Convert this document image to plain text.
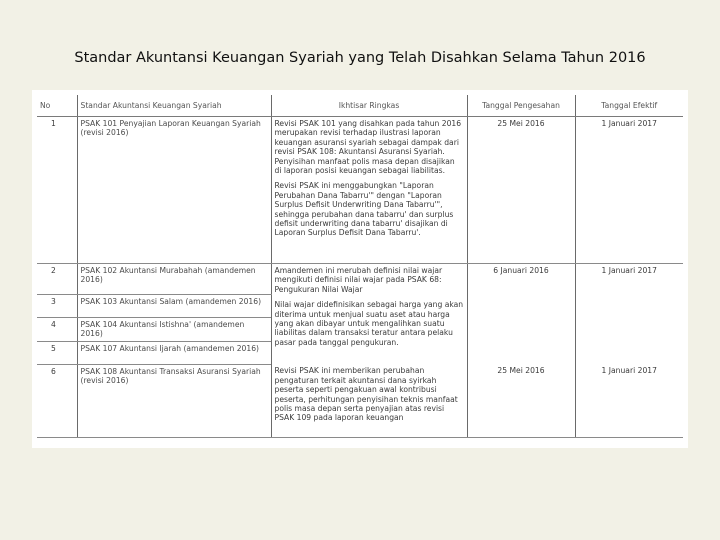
Standar Akuntansi Keuangan Syariah yang Telah Disahkan Selama Tahun 2016
No	Standar Akuntansi Keuangan Syariah	Ikhtisar Ringkas	Tanggal Pengesahan	Tanggal Efektif
1	PSAK 101 Penyajian Laporan Keuangan Syariah (revisi 2016)	Revisi PSAK 101 yang disahkan pada tahun 2016 merupakan revisi terhadap ilustrasi laporan keuangan asuransi syariah sebagai dampak dari revisi PSAK 108: Akuntansi Asuransi Syariah. Penyisihan manfaat polis masa depan disajikan di laporan posisi keuangan sebagai liabilitas.

Revisi PSAK ini menggabungkan "Laporan Perubahan Dana Tabarru'" dengan "Laporan Surplus Defisit Underwriting Dana Tabarru'", sehingga perubahan dana tabarru' dan surplus defisit underwriting dana tabarru' disajikan di Laporan Surplus Defisit Dana Tabarru'.	25 Mei 2016	1 Januari 2017
2	PSAK 102 Akuntansi Murabahah (amandemen 2016)	Amandemen ini merubah definisi nilai wajar mengikuti definisi nilai wajar pada PSAK 68: Pengukuran Nilai Wajar

Nilai wajar didefinisikan sebagai harga yang akan diterima untuk menjual suatu aset atau harga yang akan dibayar untuk mengalihkan suatu liabilitas dalam transaksi teratur antara pelaku pasar pada tanggal pengukuran.	6 Januari 2016	1 Januari 2017
3	PSAK 103 Akuntansi Salam (amandemen 2016)			
4	PSAK 104 Akuntansi Istishna' (amandemen 2016)			
5	PSAK 107 Akuntansi Ijarah (amandemen 2016)			
6	PSAK 108 Akuntansi Transaksi Asuransi Syariah (revisi 2016)	Revisi PSAK ini memberikan perubahan pengaturan terkait akuntansi dana syirkah peserta seperti pengakuan awal kontribusi peserta, perhitungan penyisihan teknis manfaat polis masa depan serta penyajian atas revisi PSAK 109 pada laporan keuangan	25 Mei 2016	1 Januari 2017
